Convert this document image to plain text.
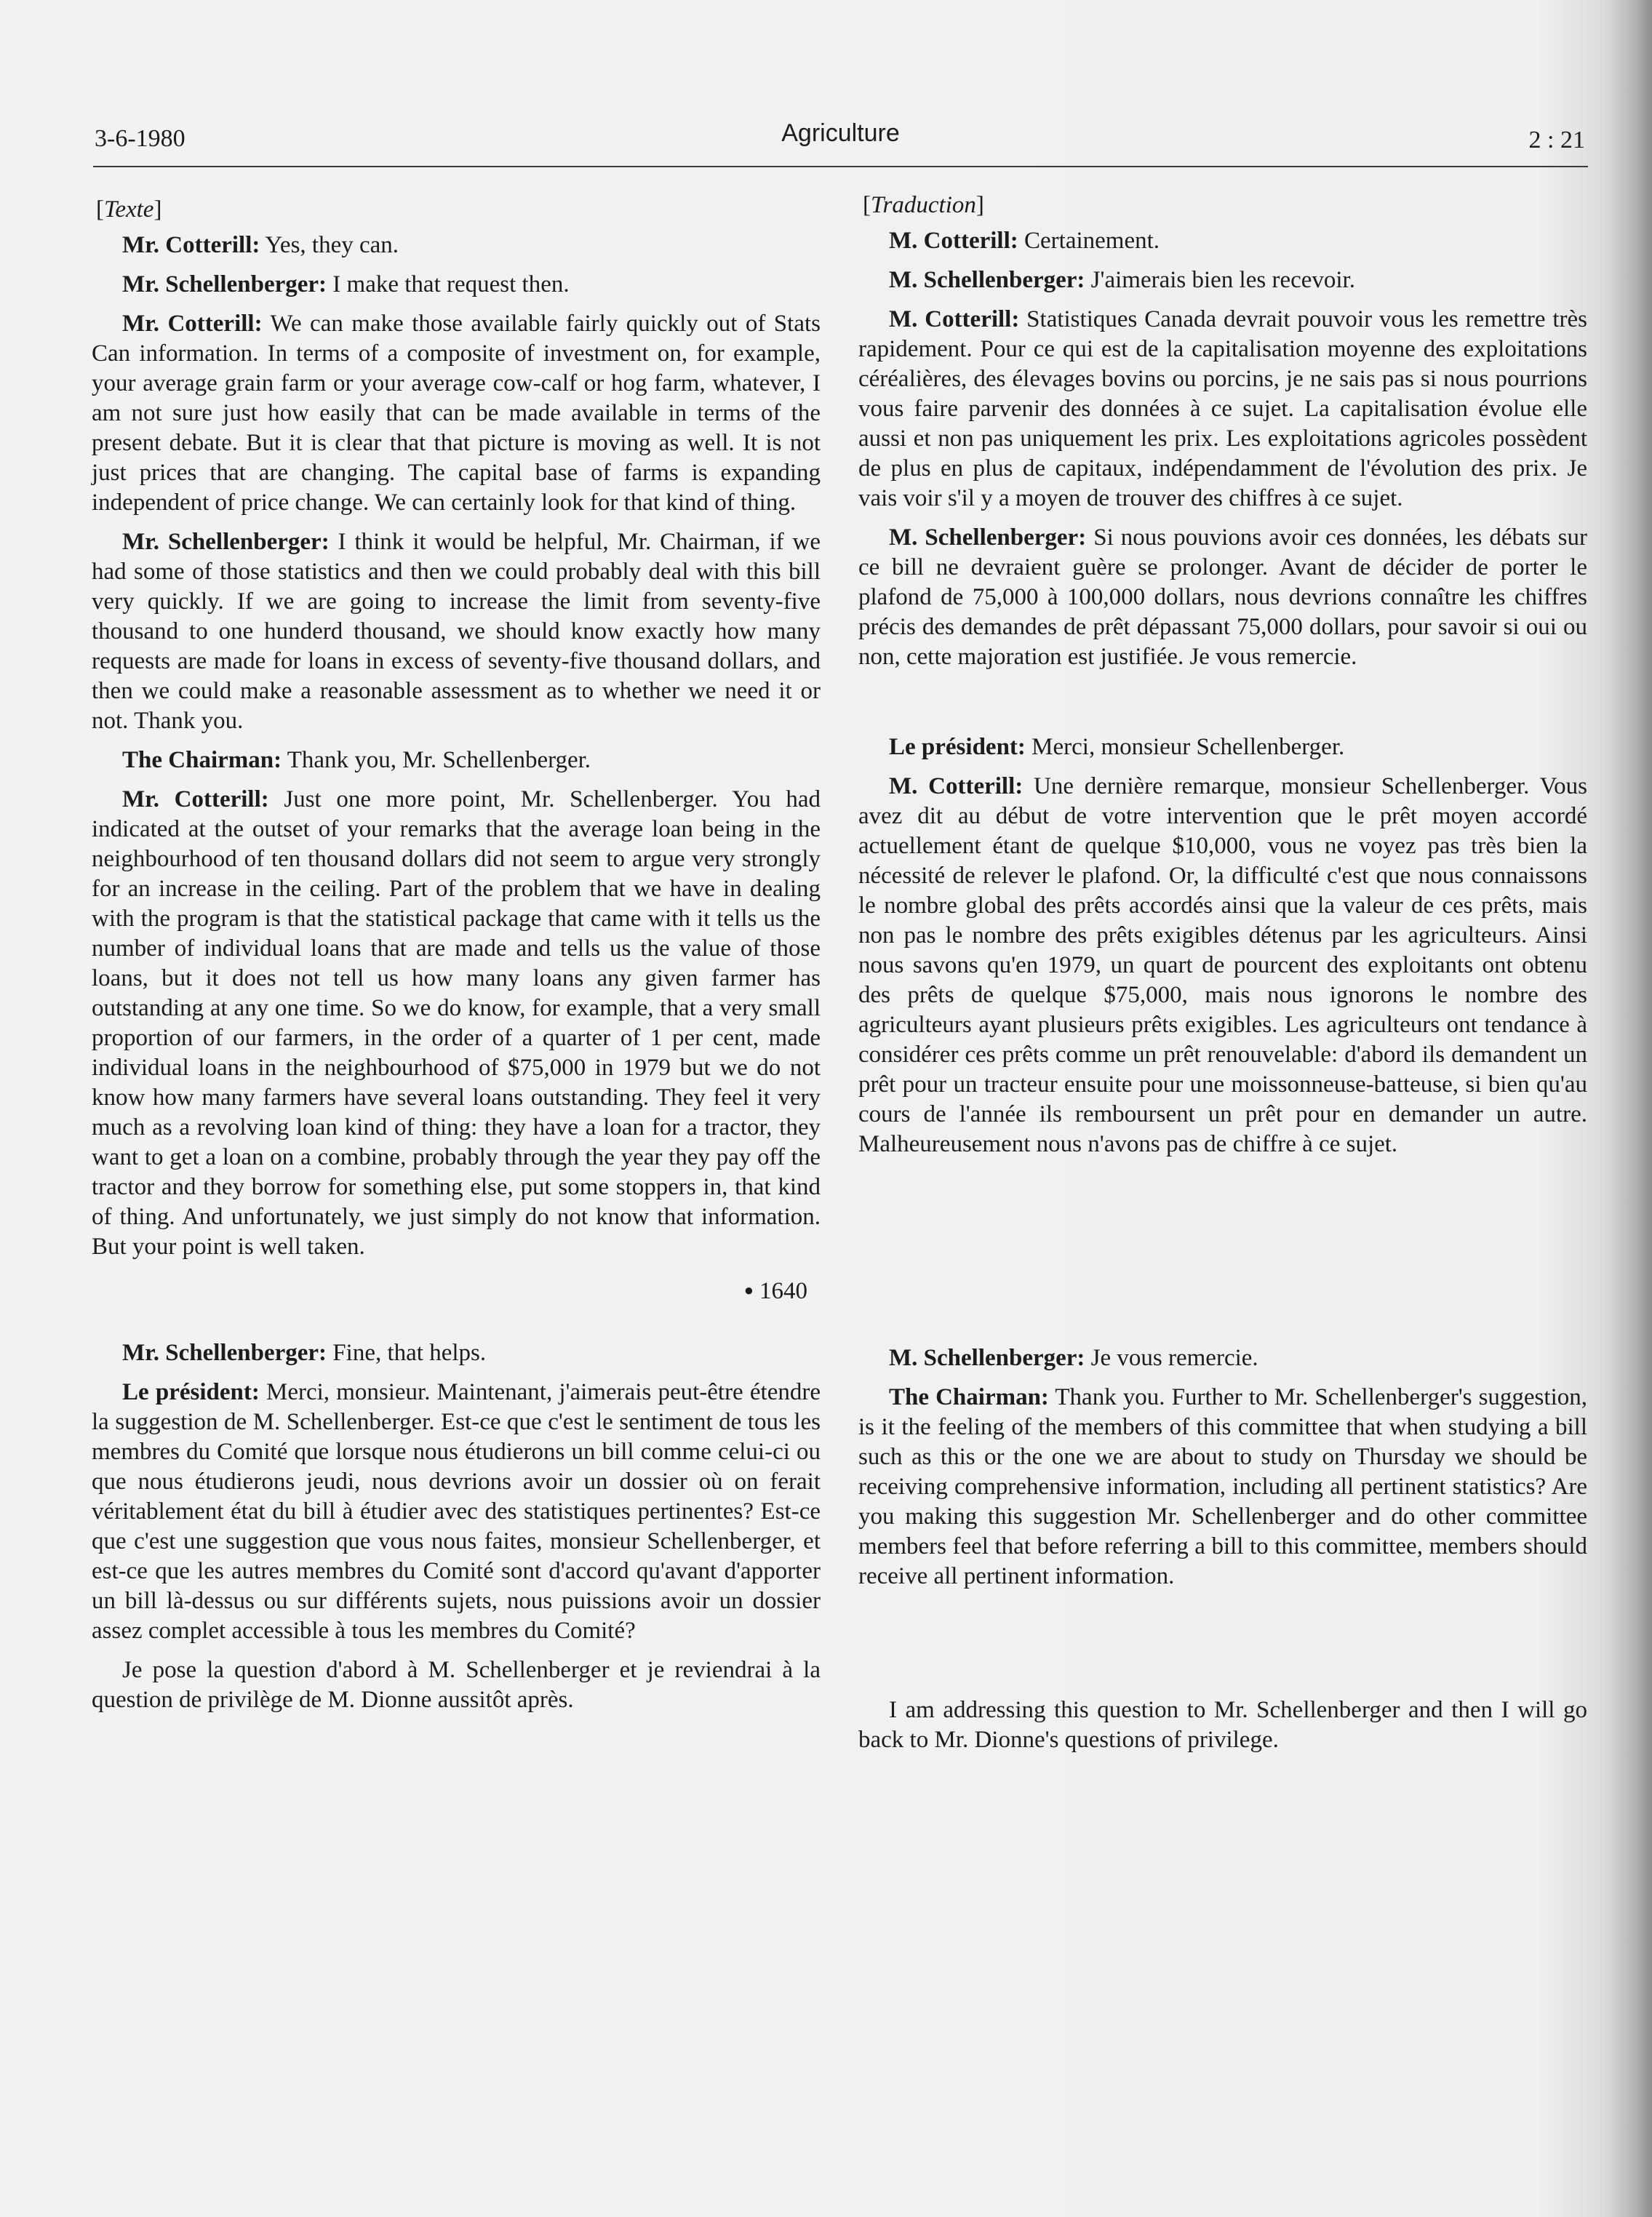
3-6-1980	Agriculture	2 : 21

[Texte]

Mr. Cotterill: Yes, they can.

Mr. Schellenberger: I make that request then.

Mr. Cotterill: We can make those available fairly quickly out of Stats Can information. In terms of a composite of investment on, for example, your average grain farm or your average cow-calf or hog farm, whatever, I am not sure just how easily that can be made available in terms of the present debate. But it is clear that that picture is moving as well. It is not just prices that are changing. The capital base of farms is expanding independent of price change. We can certainly look for that kind of thing.

Mr. Schellenberger: I think it would be helpful, Mr. Chairman, if we had some of those statistics and then we could probably deal with this bill very quickly. If we are going to increase the limit from seventy-five thousand to one hunderd thousand, we should know exactly how many requests are made for loans in excess of seventy-five thousand dollars, and then we could make a reasonable assessment as to whether we need it or not. Thank you.

The Chairman: Thank you, Mr. Schellenberger.

Mr. Cotterill: Just one more point, Mr. Schellenberger. You had indicated at the outset of your remarks that the average loan being in the neighbourhood of ten thousand dollars did not seem to argue very strongly for an increase in the ceiling. Part of the problem that we have in dealing with the program is that the statistical package that came with it tells us the number of individual loans that are made and tells us the value of those loans, but it does not tell us how many loans any given farmer has outstanding at any one time. So we do know, for example, that a very small proportion of our farmers, in the order of a quarter of 1 per cent, made individual loans in the neighbourhood of $75,000 in 1979 but we do not know how many farmers have several loans outstanding. They feel it very much as a revolving loan kind of thing: they have a loan for a tractor, they want to get a loan on a combine, probably through the year they pay off the tractor and they borrow for something else, put some stoppers in, that kind of thing. And unfortunately, we just simply do not know that information. But your point is well taken.

● 1640

Mr. Schellenberger: Fine, that helps.

Le président: Merci, monsieur. Maintenant, j'aimerais peut-être étendre la suggestion de M. Schellenberger. Est-ce que c'est le sentiment de tous les membres du Comité que lorsque nous étudierons un bill comme celui-ci ou que nous étudierons jeudi, nous devrions avoir un dossier où on ferait véritablement état du bill à étudier avec des statistiques pertinentes? Est-ce que c'est une suggestion que vous nous faites, monsieur Schellenberger, et est-ce que les autres membres du Comité sont d'accord qu'avant d'apporter un bill là-dessus ou sur différents sujets, nous puissions avoir un dossier assez complet accessible à tous les membres du Comité?

Je pose la question d'abord à M. Schellenberger et je reviendrai à la question de privilège de M. Dionne aussitôt après.

[Traduction]

M. Cotterill: Certainement.

M. Schellenberger: J'aimerais bien les recevoir.

M. Cotterill: Statistiques Canada devrait pouvoir vous les remettre très rapidement. Pour ce qui est de la capitalisation moyenne des exploitations céréalières, des élevages bovins ou porcins, je ne sais pas si nous pourrions vous faire parvenir des données à ce sujet. La capitalisation évolue elle aussi et non pas uniquement les prix. Les exploitations agricoles possèdent de plus en plus de capitaux, indépendamment de l'évolution des prix. Je vais voir s'il y a moyen de trouver des chiffres à ce sujet.

M. Schellenberger: Si nous pouvions avoir ces données, les débats sur ce bill ne devraient guère se prolonger. Avant de décider de porter le plafond de 75,000 à 100,000 dollars, nous devrions connaître les chiffres précis des demandes de prêt dépassant 75,000 dollars, pour savoir si oui ou non, cette majoration est justifiée. Je vous remercie.

Le président: Merci, monsieur Schellenberger.

M. Cotterill: Une dernière remarque, monsieur Schellenberger. Vous avez dit au début de votre intervention que le prêt moyen accordé actuellement étant de quelque $10,000, vous ne voyez pas très bien la nécessité de relever le plafond. Or, la difficulté c'est que nous connaissons le nombre global des prêts accordés ainsi que la valeur de ces prêts, mais non pas le nombre des prêts exigibles détenus par les agriculteurs. Ainsi nous savons qu'en 1979, un quart de pourcent des exploitants ont obtenu des prêts de quelque $75,000, mais nous ignorons le nombre des agriculteurs ayant plusieurs prêts exigibles. Les agriculteurs ont tendance à considérer ces prêts comme un prêt renouvelable: d'abord ils demandent un prêt pour un tracteur ensuite pour une moissonneuse-batteuse, si bien qu'au cours de l'année ils remboursent un prêt pour en demander un autre. Malheureusement nous n'avons pas de chiffre à ce sujet.

M. Schellenberger: Je vous remercie.

The Chairman: Thank you. Further to Mr. Schellenberger's suggestion, is it the feeling of the members of this committee that when studying a bill such as this or the one we are about to study on Thursday we should be receiving comprehensive information, including all pertinent statistics? Are you making this suggestion Mr. Schellenberger and do other committee members feel that before referring a bill to this committee, members should receive all pertinent information.

I am addressing this question to Mr. Schellenberger and then I will go back to Mr. Dionne's questions of privilege.
